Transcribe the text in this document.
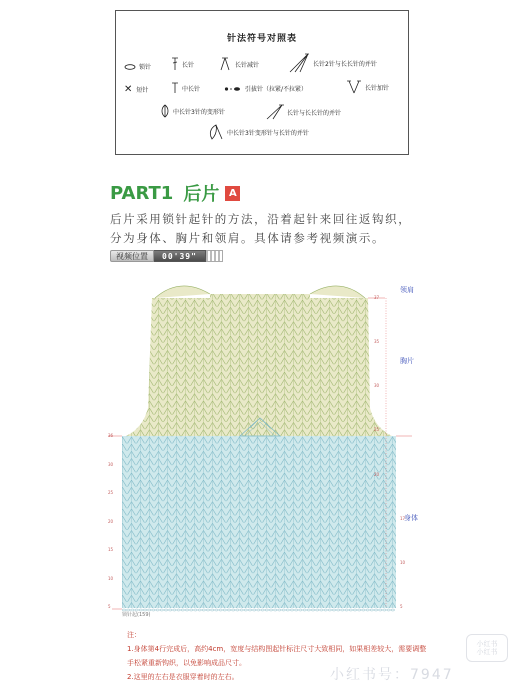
针法符号对照表
锁针	长针	长针减针	长针2针与长长针的并针
✕ 短针	中长针	引拔针（拉紧/不拉紧）	长针加针
中长针3针的变形针	长针与长长针的并针
中长针3针变形针与长针的并针
PART1 后片 A
后片采用锁针起针的方法，沿着起针来回往返钩织，分为身体、胸片和领肩。具体请参考视频演示。
视频位置	00'39"
领肩
胸片
身体
锁针起(159)
36
30
25
20
15
10
5
37
35
30
25
20
17
10
5
注：
1.身体第4行完成后，高约4cm，宽度与结构图起针标注尺寸大致相同，如果相差较大，需要调整手松紧重新钩织，以免影响成品尺寸。
2.这里的左右是衣服穿着时的左右。
小红书
小红书
小红书号：7947
